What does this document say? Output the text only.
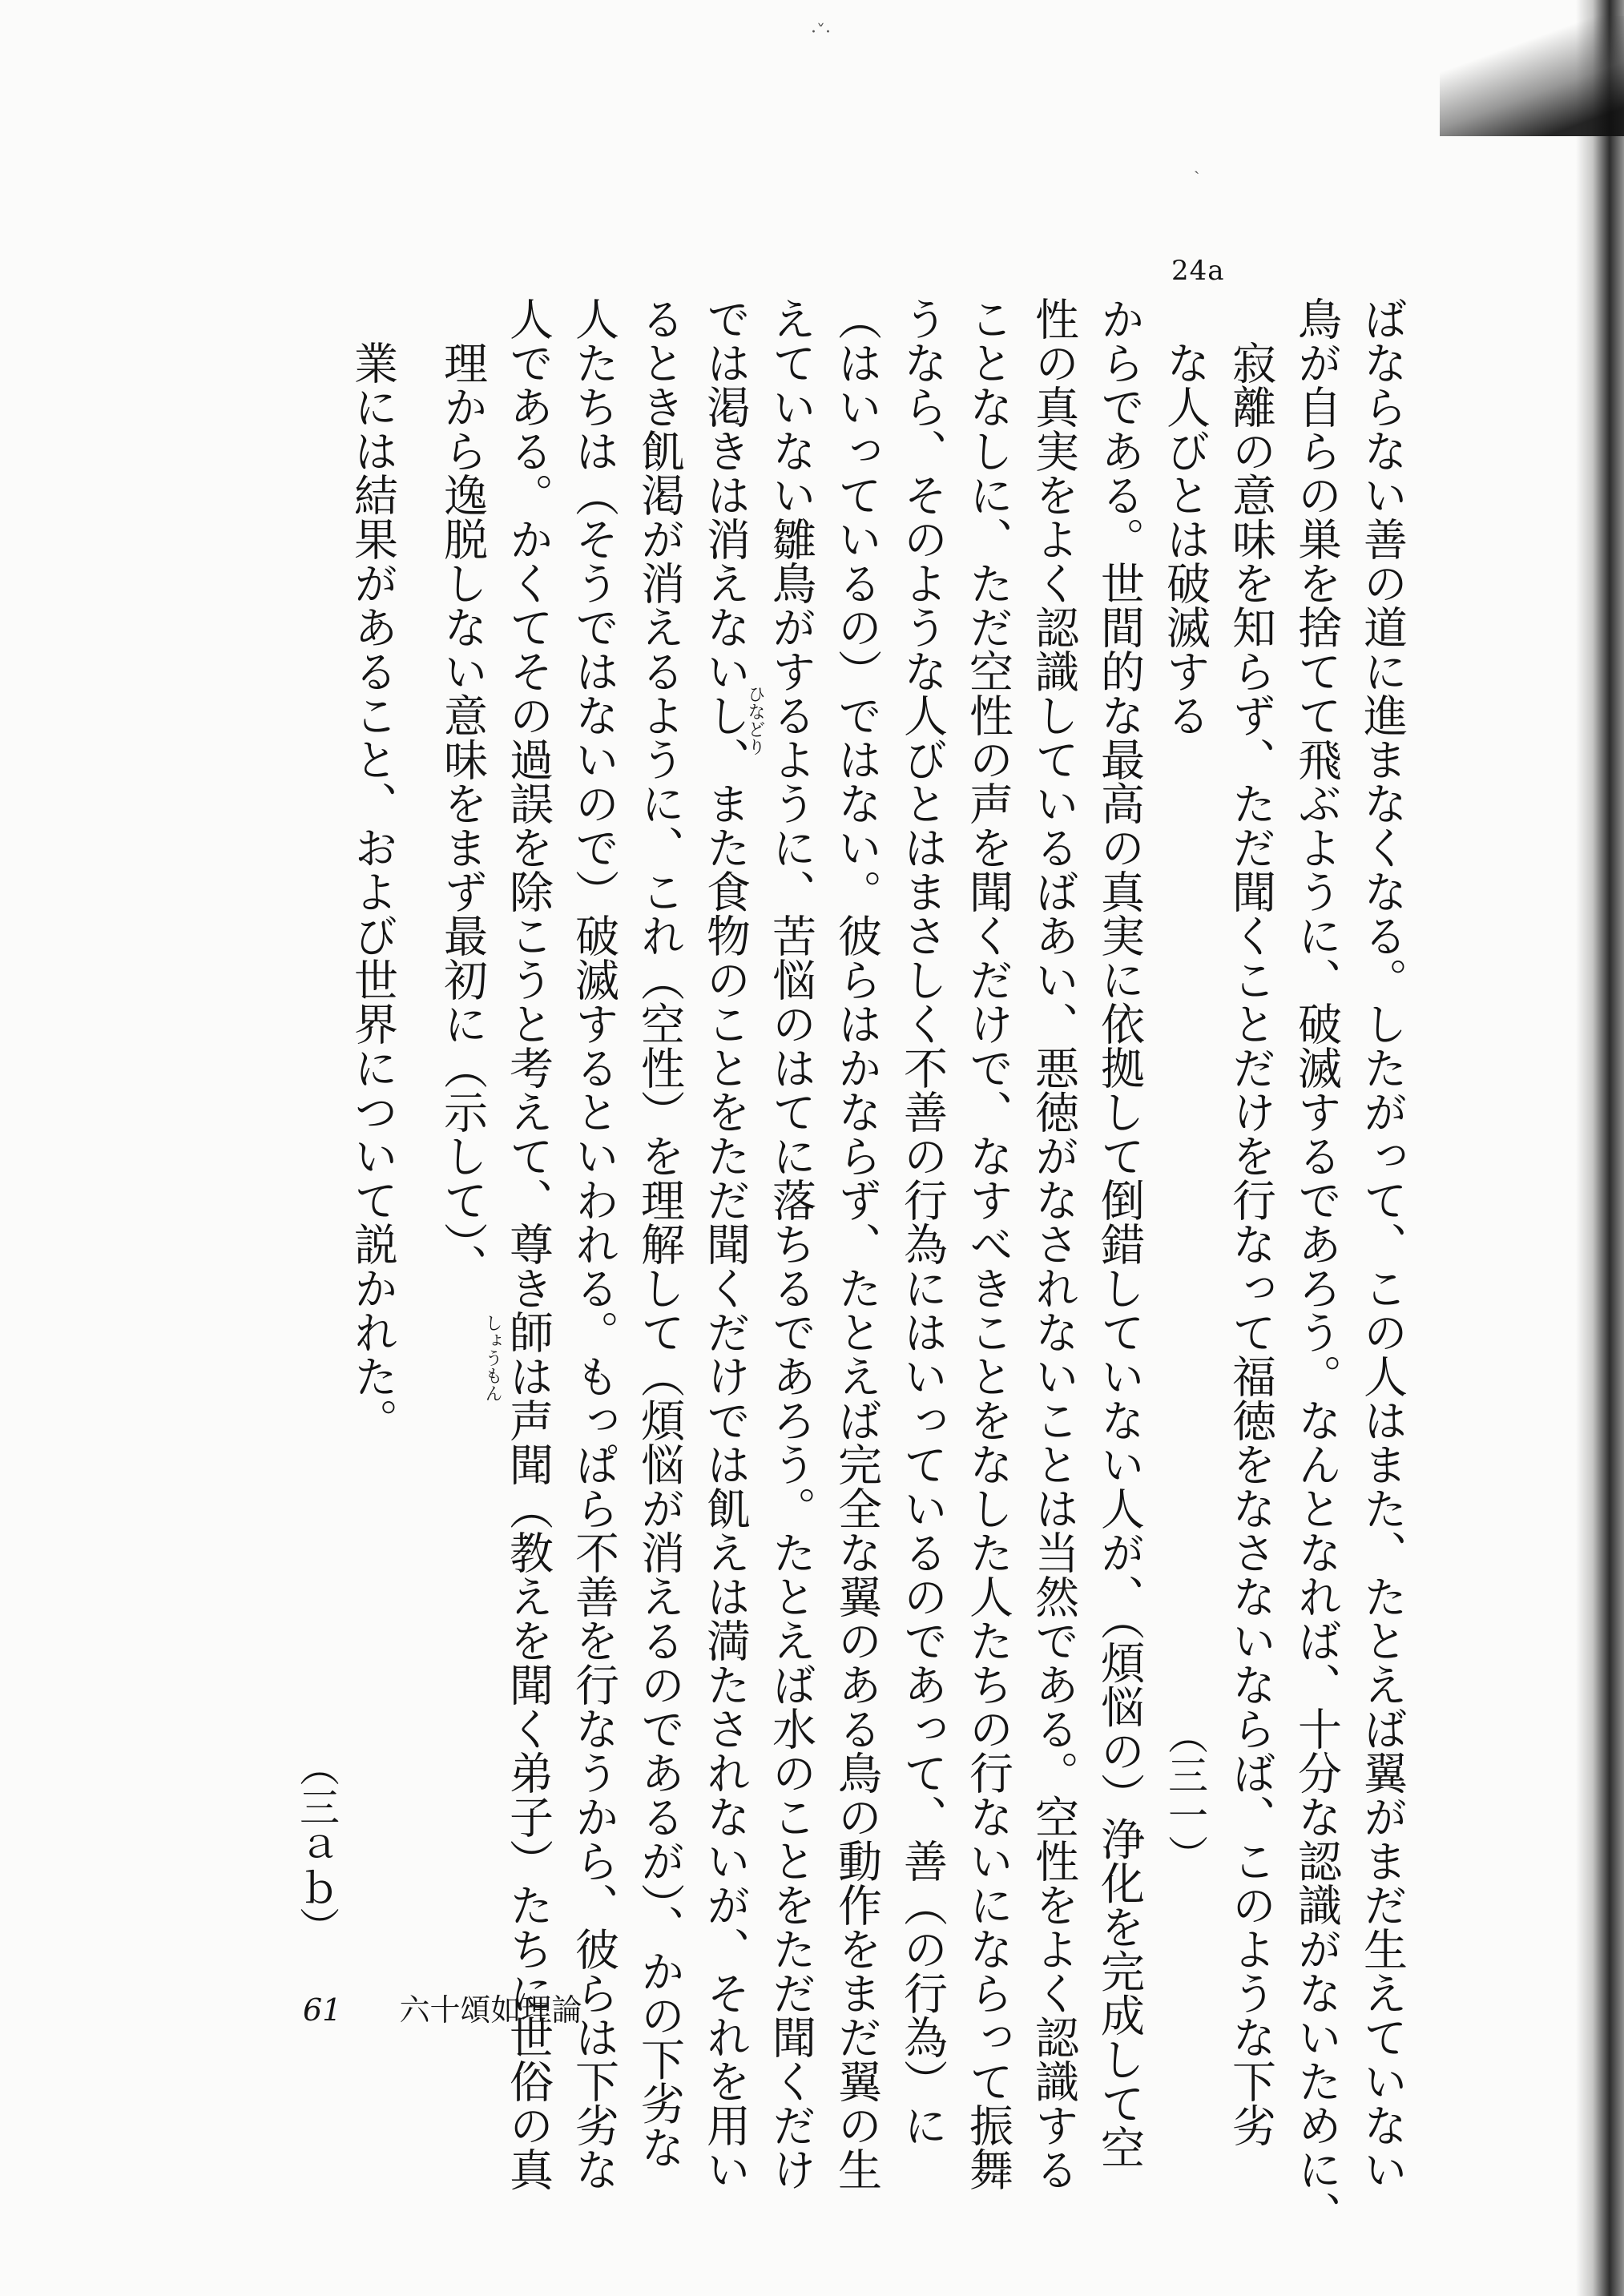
·ˇ·
ˎ
24a
ばならない善の道に進まなくなる。したがって、この人はまた、たとえば翼がまだ生えていない
鳥が自らの巣を捨てて飛ぶように、破滅するであろう。なんとなれば、十分な認識がないために、
寂離の意味を知らず、ただ聞くことだけを行なって福徳をなさないならば、このような下劣
な人びとは破滅する
からである。世間的な最高の真実に依拠して倒錯していない人が、（煩悩の）浄化を完成して空
性の真実をよく認識しているばあい、悪徳がなされないことは当然である。空性をよく認識する
ことなしに、ただ空性の声を聞くだけで、なすべきことをなした人たちの行ないにならって振舞
うなら、そのような人びとはまさしく不善の行為にはいっているのであって、善（の行為）に
（はいっているの）ではない。彼らはかならず、たとえば完全な翼のある鳥の動作をまだ翼の生
えていない雛鳥がするように、苦悩のはてに落ちるであろう。たとえば水のことをただ聞くだけ
では渇きは消えないし、また食物のことをただ聞くだけでは飢えは満たされないが、それを用い
るとき飢渇が消えるように、これ（空性）を理解して（煩悩が消えるのであるが）、かの下劣な
人たちは（そうではないので）破滅するといわれる。もっぱら不善を行なうから、彼らは下劣な
人である。かくてその過誤を除こうと考えて、尊き師は声聞（教えを聞く弟子）たちに世俗の真
理から逸脱しない意味をまず最初に（示して）、
業には結果があること、および世界について説かれた。
（三一）
（三ａｂ）
ひなどり
しょうもん
61 六十頌如理論
